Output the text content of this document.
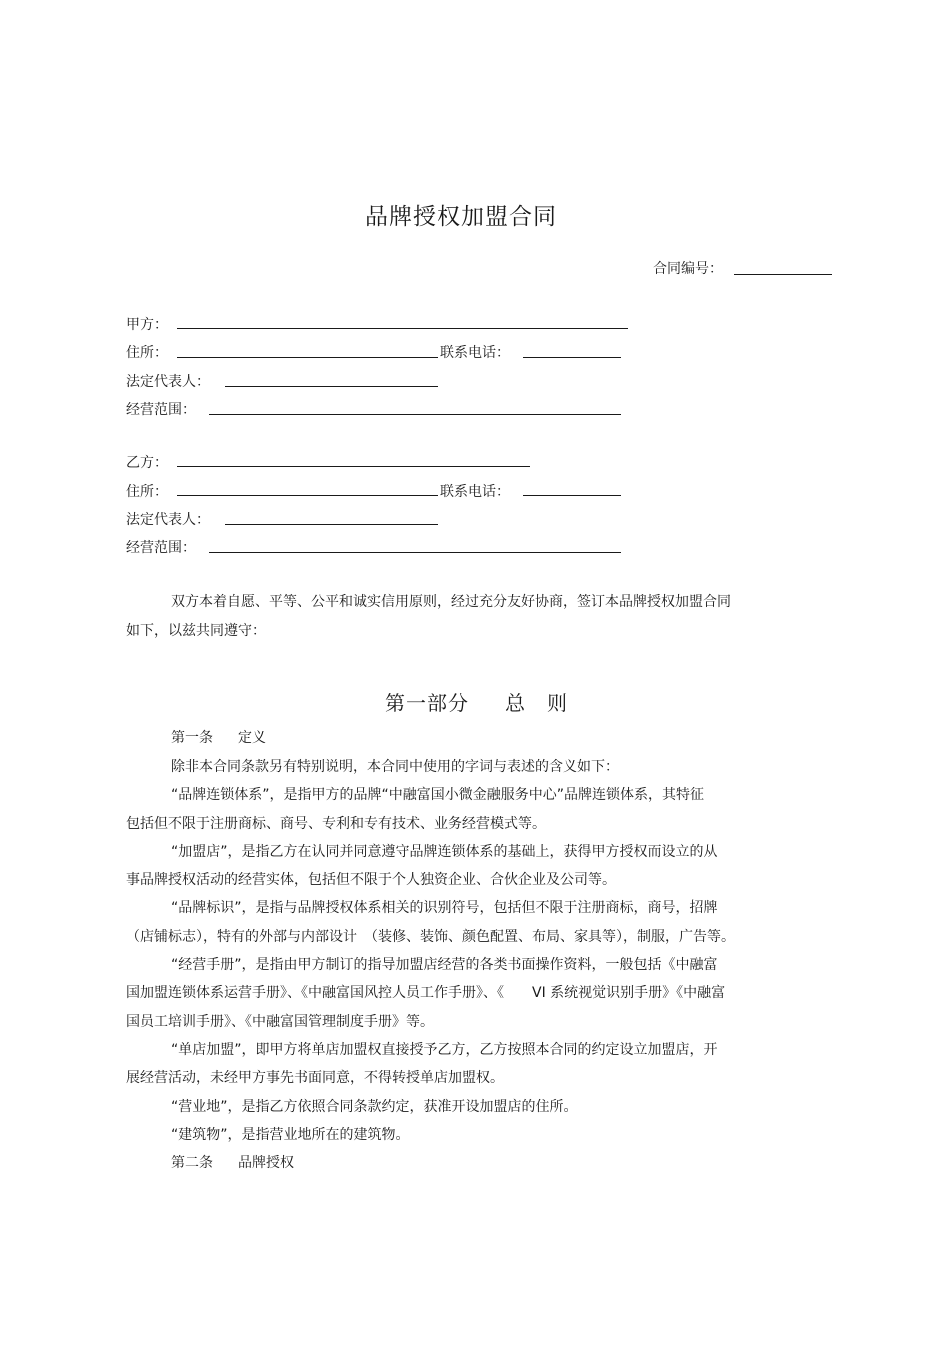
品牌授权加盟合同
合同编号：
甲方：
住所：	联系电话：
法定代表人：
经营范围：
乙方：
住所：	联系电话：
法定代表人：
经营范围：
双方本着自愿、平等、公平和诚实信用原则，经过充分友好协商，签订本品牌授权加盟合同
如下，以兹共同遵守：
第一部分 总　则
第一条 定义
除非本合同条款另有特别说明，本合同中使用的字词与表述的含义如下：
“品牌连锁体系”，是指甲方的品牌“中融富国小微金融服务中心”品牌连锁体系，其特征
包括但不限于注册商标、商号、专利和专有技术、业务经营模式等。
“加盟店”，是指乙方在认同并同意遵守品牌连锁体系的基础上，获得甲方授权而设立的从
事品牌授权活动的经营实体，包括但不限于个人独资企业、合伙企业及公司等。
“品牌标识”，是指与品牌授权体系相关的识别符号，包括但不限于注册商标，商号，招牌
（店铺标志），特有的外部与内部设计　（装修、装饰、颜色配置、布局、家具等），制服，广告等。
“经营手册”，是指由甲方制订的指导加盟店经营的各类书面操作资料，一般包括《中融富
国加盟连锁体系运营手册》、《中融富国风控人员工作手册》、《　　VI 系统视觉识别手册》《中融富
国员工培训手册》、《中融富国管理制度手册》等。
“单店加盟”，即甲方将单店加盟权直接授予乙方，乙方按照本合同的约定设立加盟店，开
展经营活动，未经甲方事先书面同意，不得转授单店加盟权。
“营业地”，是指乙方依照合同条款约定，获准开设加盟店的住所。
“建筑物”，是指营业地所在的建筑物。
第二条 品牌授权
